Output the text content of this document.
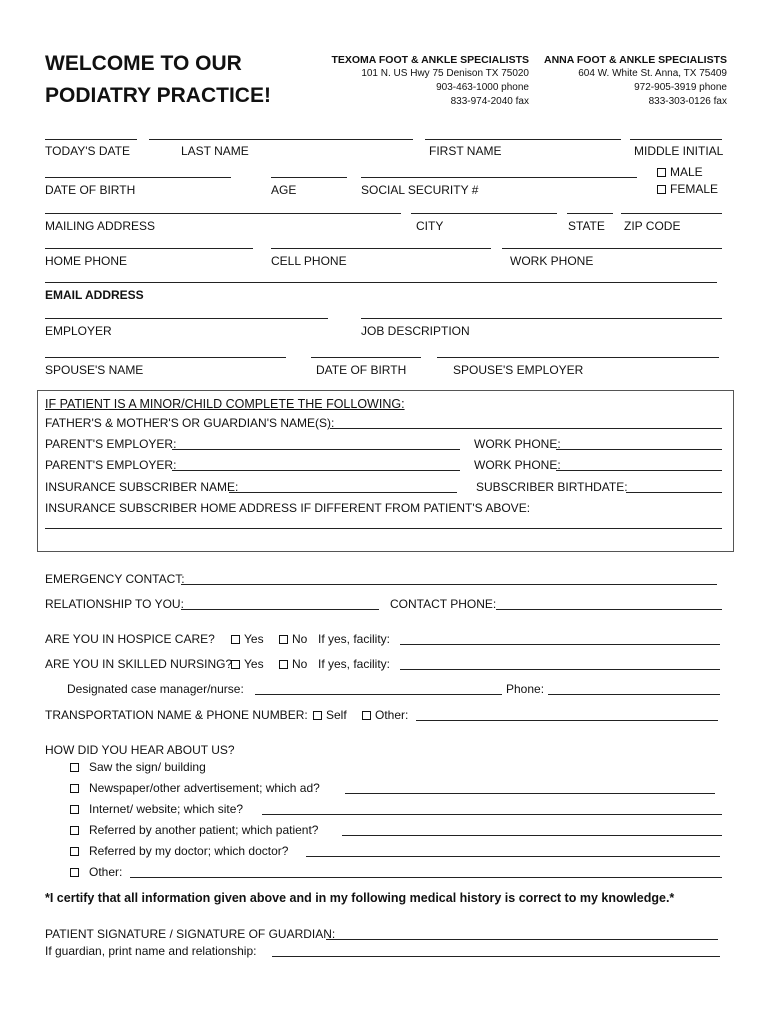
WELCOME TO OUR
PODIATRY PRACTICE!
TEXOMA FOOT & ANKLE SPECIALISTS
101 N. US Hwy 75 Denison TX 75020
903-463-1000 phone
833-974-2040 fax
ANNA FOOT & ANKLE SPECIALISTS
604 W. White St. Anna, TX 75409
972-905-3919 phone
833-303-0126 fax
TODAY'S DATE	LAST NAME	FIRST NAME	MIDDLE INITIAL
DATE OF BIRTH	AGE	SOCIAL SECURITY #
MALE
FEMALE
MAILING ADDRESS	CITY	STATE ZIP CODE
HOME PHONE	CELL PHONE	WORK PHONE
EMAIL ADDRESS
EMPLOYER	JOB DESCRIPTION
SPOUSE'S NAME	DATE OF BIRTH	SPOUSE'S EMPLOYER
IF PATIENT IS A MINOR/CHILD COMPLETE THE FOLLOWING:
FATHER'S & MOTHER'S OR GUARDIAN'S NAME(S):
PARENT'S EMPLOYER:	WORK PHONE:
PARENT'S EMPLOYER:	WORK PHONE:
INSURANCE SUBSCRIBER NAME:	SUBSCRIBER BIRTHDATE:
INSURANCE SUBSCRIBER HOME ADDRESS IF DIFFERENT FROM PATIENT'S ABOVE:
EMERGENCY CONTACT:
RELATIONSHIP TO YOU:	CONTACT PHONE:
ARE YOU IN HOSPICE CARE?	Yes	No If yes, facility:
ARE YOU IN SKILLED NURSING? Yes	No If yes, facility:
Designated case manager/nurse:	Phone:
TRANSPORTATION NAME & PHONE NUMBER:	Self	Other:
HOW DID YOU HEAR ABOUT US?
Saw the sign/ building
Newspaper/other advertisement; which ad?
Internet/ website; which site?
Referred by another patient; which patient?
Referred by my doctor; which doctor?
Other:
*I certify that all information given above and in my following medical history is correct to my knowledge.*
PATIENT SIGNATURE / SIGNATURE OF GUARDIAN:
If guardian, print name and relationship:
